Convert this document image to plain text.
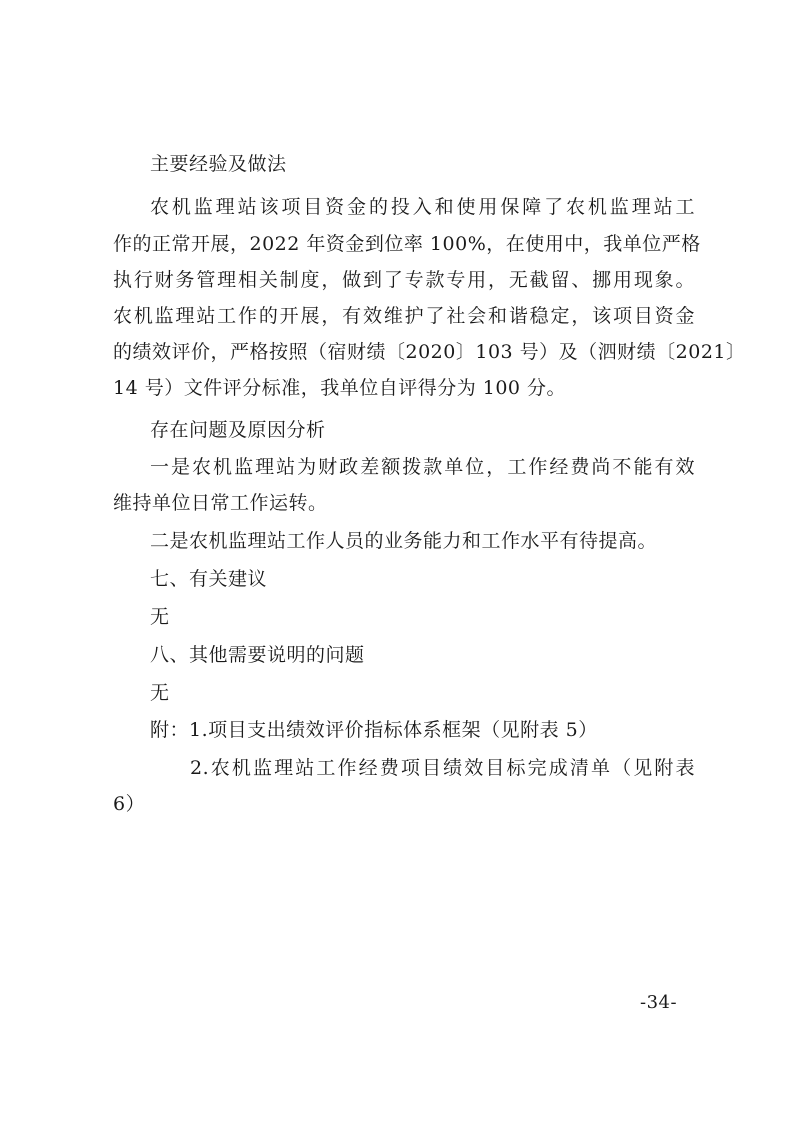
主要经验及做法
农机监理站该项目资金的投入和使用保障了农机监理站工
作的正常开展，2022 年资金到位率 100%，在使用中，我单位严格
执行财务管理相关制度，做到了专款专用，无截留、挪用现象。
农机监理站工作的开展，有效维护了社会和谐稳定，该项目资金
的绩效评价，严格按照（宿财绩〔2020〕103 号）及（泗财绩〔2021〕
14 号）文件评分标准，我单位自评得分为 100 分。
存在问题及原因分析
一是农机监理站为财政差额拨款单位，工作经费尚不能有效
维持单位日常工作运转。
二是农机监理站工作人员的业务能力和工作水平有待提高。
七、有关建议
无
八、其他需要说明的问题
无
附：1.项目支出绩效评价指标体系框架（见附表 5）
2.农机监理站工作经费项目绩效目标完成清单（见附表
6）
-34-
